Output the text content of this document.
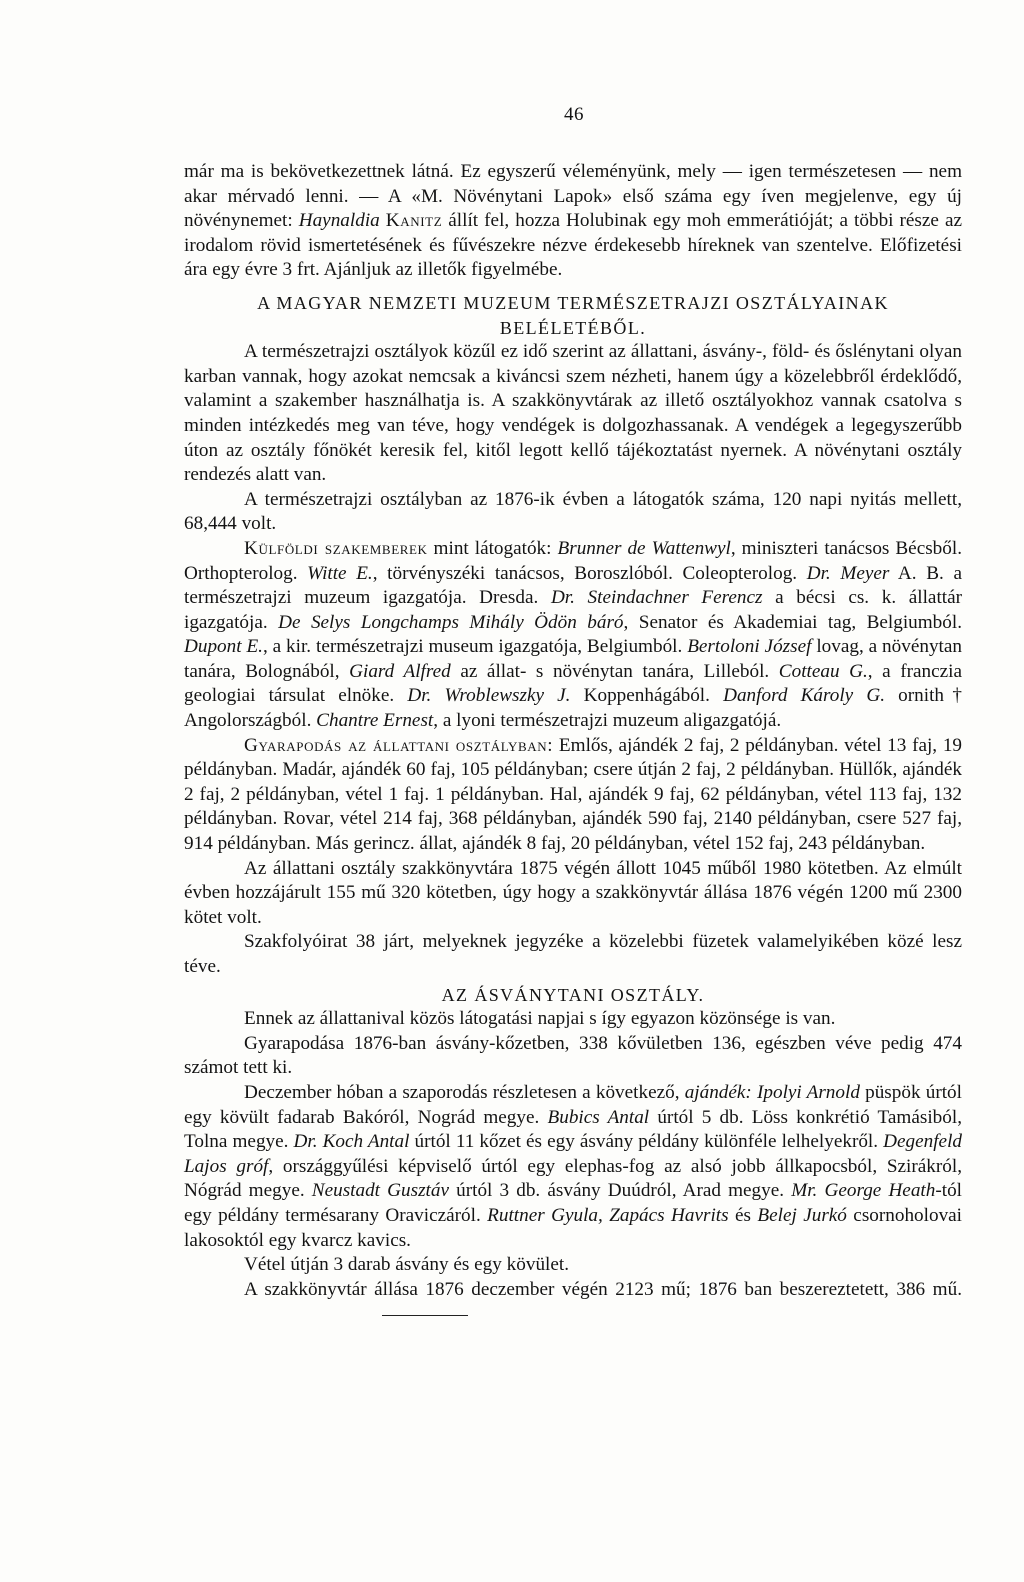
46

már ma is bekövetkezettnek látná. Ez egyszerű véleményünk, mely — igen természetesen — nem akar mérvadó lenni. — A «M. Növénytani Lapok» első száma egy íven megjelenve, egy új növénynemet: Haynaldia Kanitz állít fel, hozza Holubinak egy moh emmerátióját; a többi része az irodalom rövid ismertetésének és fűvészekre nézve érdekesebb híreknek van szentelve. Előfizetési ára egy évre 3 frt. Ajánljuk az illetők figyelmébe.

A MAGYAR NEMZETI MUZEUM TERMÉSZETRAJZI OSZTÁLYAINAK BELÉLETÉBŐL.

A természetrajzi osztályok közűl ez idő szerint az állattani, ásvány-, föld- és őslénytani olyan karban vannak, hogy azokat nemcsak a kiváncsi szem nézheti, hanem úgy a közelebbről érdeklődő, valamint a szakember használhatja is. A szakkönyvtárak az illető osztályokhoz vannak csatolva s minden intézkedés meg van téve, hogy vendégek is dolgozhassanak. A vendégek a legegyszerűbb úton az osztály főnökét keresik fel, kitől legott kellő tájékoztatást nyernek. A növénytani osztály rendezés alatt van.

A természetrajzi osztályban az 1876-ik évben a látogatók száma, 120 napi nyitás mellett, 68,444 volt.

Külföldi szakemberek mint látogatók: Brunner de Wattenwyl, miniszteri tanácsos Bécsből. Orthopterolog. Witte E., törvényszéki tanácsos, Boroszlóból. Coleopterolog. Dr. Meyer A. B. a természetrajzi muzeum igazgatója. Dresda. Dr. Steindachner Ferencz a bécsi cs. k. állattár igazgatója. De Selys Longchamps Mihály Ödön báró, Senator és Akademiai tag, Belgiumból. Dupont E., a kir. természetrajzi museum igazgatója, Belgiumból. Bertoloni József lovag, a növénytan tanára, Bolognából, Giard Alfred az állat- s növénytan tanára, Lilleból. Cotteau G., a franczia geologiai társulat elnöke. Dr. Wroblewszky J. Koppenhágából. Danford Károly G. ornith† Angolországból. Chantre Ernest, a lyoni természetrajzi muzeum aligazgatójá.

Gyarapodás az állattani osztályban: Emlős, ajándék 2 faj, 2 példányban. vétel 13 faj, 19 példányban. Madár, ajándék 60 faj, 105 példányban; csere útján 2 faj, 2 példányban. Hüllők, ajándék 2 faj, 2 példányban, vétel 1 faj. 1 példányban. Hal, ajándék 9 faj, 62 példányban, vétel 113 faj, 132 példányban. Rovar, vétel 214 faj, 368 példányban, ajándék 590 faj, 2140 példányban, csere 527 faj, 914 példányban. Más gerincz. állat, ajándék 8 faj, 20 példányban, vétel 152 faj, 243 példányban.

Az állattani osztály szakkönyvtára 1875 végén állott 1045 műből 1980 kötetben. Az elmúlt évben hozzájárult 155 mű 320 kötetben, úgy hogy a szakkönyvtár állása 1876 végén 1200 mű 2300 kötet volt.

Szakfolyóirat 38 járt, melyeknek jegyzéke a közelebbi füzetek valamelyikében közé lesz téve.

AZ ÁSVÁNYTANI OSZTÁLY.

Ennek az állattanival közös látogatási napjai s így egyazon közönsége is van.

Gyarapodása 1876-ban ásvány-kőzetben, 338 kővületben 136, egészben véve pedig 474 számot tett ki.

Deczember hóban a szaporodás részletesen a következő, ajándék: Ipolyi Arnold püspök úrtól egy kövült fadarab Bakóról, Nográd megye. Bubics Antal úrtól 5 db. Löss konkrétió Tamásiból, Tolna megye. Dr. Koch Antal úrtól 11 kőzet és egy ásvány példány különféle lelhelyekről. Degenfeld Lajos gróf, országgyűlési képviselő úrtól egy elephas-fog az alsó jobb állkapocsból, Szirákról, Nógrád megye. Neustadt Gusztáv úrtól 3 db. ásvány Duúdról, Arad megye. Mr. George Heath-tól egy példány termésarany Oraviczáról. Ruttner Gyula, Zapács Havrits és Belej Jurkó csornoholovai lakosoktól egy kvarcz kavics.

Vétel útján 3 darab ásvány és egy kövület.

A szakkönyvtár állása 1876 deczember végén 2123 mű; 1876 ban beszereztetett, 386 mű.
